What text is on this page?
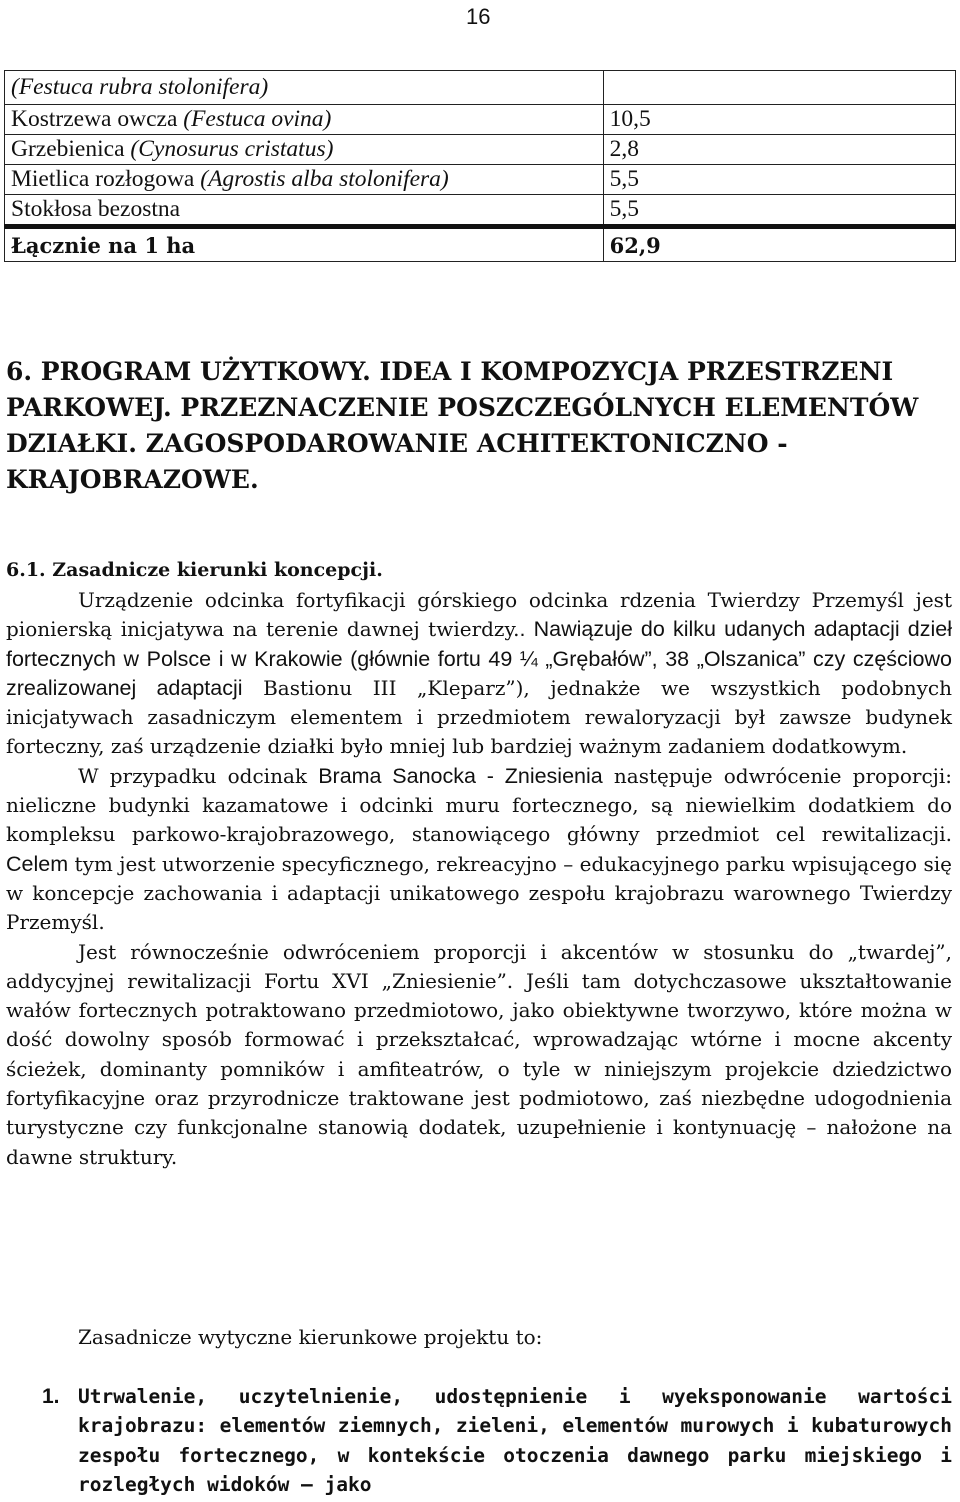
16
(Festuca rubra stolonifera)	
Kostrzewa owcza (Festuca ovina)	10,5
Grzebienica (Cynosurus cristatus)	2,8
Mietlica rozłogowa (Agrostis alba stolonifera)	5,5
Stokłosa bezostna	5,5
Łącznie na 1 ha	62,9
6. PROGRAM UŻYTKOWY. IDEA I KOMPOZYCJA PRZESTRZENI PARKOWEJ. PRZEZNACZENIE POSZCZEGÓLNYCH ELEMENTÓW DZIAŁKI. ZAGOSPODAROWANIE ACHITEKTONICZNO - KRAJOBRAZOWE.
6.1. Zasadnicze kierunki koncepcji.

Urządzenie odcinka fortyfikacji górskiego odcinka rdzenia Twierdzy Przemyśl jest pionierską inicjatywa na terenie dawnej twierdzy.. Nawiązuje do kilku udanych adaptacji dzieł fortecznych w Polsce i w Krakowie (głównie fortu 49 ¼ „Grębałów”, 38 „Olszanica” czy częściowo zrealizowanej adaptacji Bastionu III „Kleparz”), jednakże we wszystkich podobnych inicjatywach zasadniczym elementem i przedmiotem rewaloryzacji był zawsze budynek forteczny, zaś urządzenie działki było mniej lub bardziej ważnym zadaniem dodatkowym.

W przypadku odcinak Brama Sanocka - Zniesienia następuje odwrócenie proporcji: nieliczne budynki kazamatowe i odcinki muru fortecznego, są niewielkim dodatkiem do kompleksu parkowo-krajobrazowego, stanowiącego główny przedmiot cel rewitalizacji. Celem tym jest utworzenie specyficznego, rekreacyjno – edukacyjnego parku wpisującego się w koncepcje zachowania i adaptacji unikatowego zespołu krajobrazu warownego Twierdzy Przemyśl.

Jest równocześnie odwróceniem proporcji i akcentów w stosunku do „twardej”, addycyjnej rewitalizacji Fortu XVI „Zniesienie”. Jeśli tam dotychczasowe ukształtowanie wałów fortecznych potraktowano przedmiotowo, jako obiektywne tworzywo, które można w dość dowolny sposób formować i przekształcać, wprowadzając wtórne i mocne akcenty ścieżek, dominanty pomników i amfiteatrów, o tyle w niniejszym projekcie dziedzictwo fortyfikacyjne oraz przyrodnicze traktowane jest podmiotowo, zaś niezbędne udogodnienia turystyczne czy funkcjonalne stanowią dodatek, uzupełnienie i kontynuację – nałożone na dawne struktury.

Zasadnicze wytyczne kierunkowe projektu to:

1. Utrwalenie, uczytelnienie, udostępnienie i wyeksponowanie wartości krajobrazu: elementów ziemnych, zieleni, elementów murowych i kubaturowych zespołu fortecznego, w kontekście otoczenia dawnego parku miejskiego i rozległych widoków – jako
